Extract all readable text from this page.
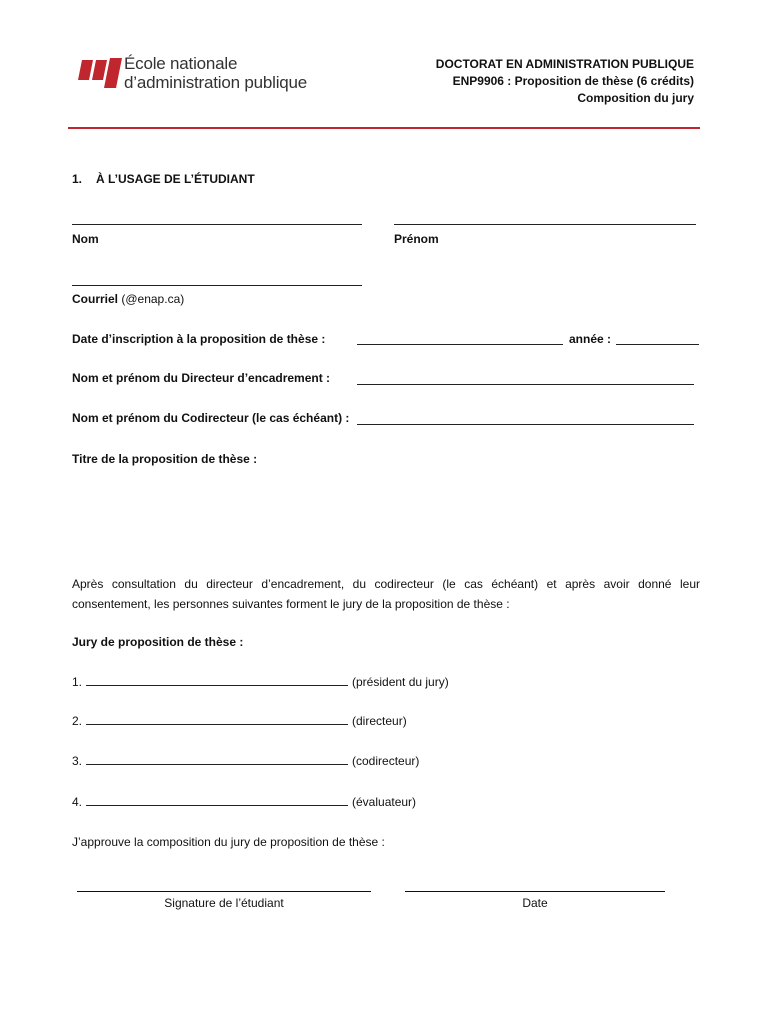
École nationale
d’administration publique
DOCTORAT EN ADMINISTRATION PUBLIQUE
ENP9906 : Proposition de thèse (6 crédits)
Composition du jury
1. À L’USAGE DE L’ÉTUDIANT
Nom	Prénom
Courriel (@enap.ca)
Date d’inscription à la proposition de thèse :	année :
Nom et prénom du Directeur d’encadrement :
Nom et prénom du Codirecteur (le cas échéant) :
Titre de la proposition de thèse :
Après consultation du directeur d’encadrement, du codirecteur (le cas échéant) et après avoir donné leur consentement, les personnes suivantes forment le jury de la proposition de thèse :
Jury de proposition de thèse :
1.	(président du jury)
2.	(directeur)
3.	(codirecteur)
4.	(évaluateur)
J’approuve la composition du jury de proposition de thèse :
Signature de l’étudiant	Date
